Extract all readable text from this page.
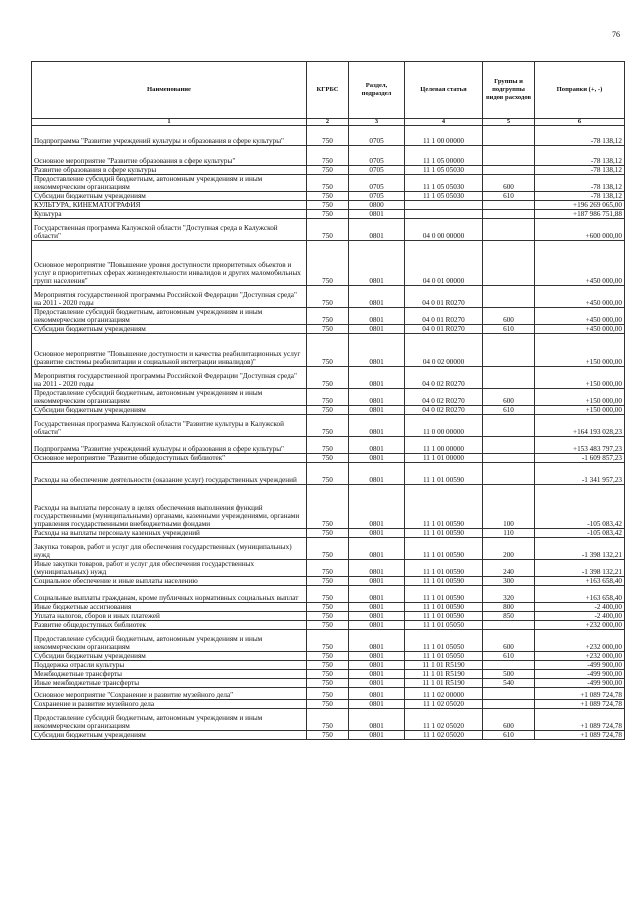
76
Наименование	КГРБС	Раздел, подраздел	Целевая статья	Группы и подгруппы видов расходов	Поправки (+, -)
1	2	3	4	5	6
Подпрограмма "Развитие учреждений культуры и образования в сфере культуры"	750	0705	11 1 00 00000		-78 138,12
Основное мероприятие "Развитие образования в сфере культуры"	750	0705	11 1 05 00000		-78 138,12
Развитие образования в сфере культуры	750	0705	11 1 05 05030		-78 138,12
Предоставление субсидий бюджетным, автономным учреждениям и иным некоммерческим организациям	750	0705	11 1 05 05030	600	-78 138,12
Субсидии бюджетным учреждениям	750	0705	11 1 05 05030	610	-78 138,12
КУЛЬТУРА, КИНЕМАТОГРАФИЯ	750	0800			+196 269 065,00
Культура	750	0801			+187 986 751,88
Государственная программа Калужской области "Доступная среда в Калужской области"	750	0801	04 0 00 00000		+600 000,00
Основное мероприятие "Повышение уровня доступности приоритетных объектов и услуг в приоритетных сферах жизнедеятельности инвалидов и других маломобильных групп населения"	750	0801	04 0 01 00000		+450 000,00
Мероприятия государственной программы Российской Федерации "Доступная среда" на 2011 - 2020 годы	750	0801	04 0 01 R0270		+450 000,00
Предоставление субсидий бюджетным, автономным учреждениям и иным некоммерческим организациям	750	0801	04 0 01 R0270	600	+450 000,00
Субсидии бюджетным учреждениям	750	0801	04 0 01 R0270	610	+450 000,00
Основное мероприятие "Повышение доступности и качества реабилитационных услуг (развитие системы реабилитации и социальной интеграции инвалидов)"	750	0801	04 0 02 00000		+150 000,00
Мероприятия государственной программы Российской Федерации "Доступная среда" на 2011 - 2020 годы	750	0801	04 0 02 R0270		+150 000,00
Предоставление субсидий бюджетным, автономным учреждениям и иным некоммерческим организациям	750	0801	04 0 02 R0270	600	+150 000,00
Субсидии бюджетным учреждениям	750	0801	04 0 02 R0270	610	+150 000,00
Государственная программа Калужской области "Развитие культуры в Калужской области"	750	0801	11 0 00 00000		+164 193 028,23
Подпрограмма "Развитие учреждений культуры и образования в сфере культуры"	750	0801	11 1 00 00000		+153 483 797,23
Основное мероприятие "Развитие общедоступных библиотек"	750	0801	11 1 01 00000		-1 609 857,23
Расходы на обеспечение деятельности (оказание услуг) государственных учреждений	750	0801	11 1 01 00590		-1 341 957,23
Расходы на выплаты персоналу в целях обеспечения выполнения функций государственными (муниципальными) органами, казенными учреждениями, органами управления государственными внебюджетными фондами	750	0801	11 1 01 00590	100	-105 083,42
Расходы на выплаты персоналу казенных учреждений	750	0801	11 1 01 00590	110	-105 083,42
Закупка товаров, работ и услуг для обеспечения государственных (муниципальных) нужд	750	0801	11 1 01 00590	200	-1 398 132,21
Иные закупки товаров, работ и услуг для обеспечения государственных (муниципальных) нужд	750	0801	11 1 01 00590	240	-1 398 132,21
Социальное обеспечение и иные выплаты населению	750	0801	11 1 01 00590	300	+163 658,40
Социальные выплаты гражданам, кроме публичных нормативных социальных выплат	750	0801	11 1 01 00590	320	+163 658,40
Иные бюджетные ассигнования	750	0801	11 1 01 00590	800	-2 400,00
Уплата налогов, сборов и иных платежей	750	0801	11 1 01 00590	850	-2 400,00
Развитие общедоступных библиотек	750	0801	11 1 01 05050		+232 000,00
Предоставление субсидий бюджетным, автономным учреждениям и иным некоммерческим организациям	750	0801	11 1 01 05050	600	+232 000,00
Субсидии бюджетным учреждениям	750	0801	11 1 01 05050	610	+232 000,00
Поддержка отрасли культуры	750	0801	11 1 01 R5190		-499 900,00
Межбюджетные трансферты	750	0801	11 1 01 R5190	500	-499 900,00
Иные межбюджетные трансферты	750	0801	11 1 01 R5190	540	-499 900,00
Основное мероприятие "Сохранение и развитие музейного дела"	750	0801	11 1 02 00000		+1 089 724,78
Сохранение и развитие музейного дела	750	0801	11 1 02 05020		+1 089 724,78
Предоставление субсидий бюджетным, автономным учреждениям и иным некоммерческим организациям	750	0801	11 1 02 05020	600	+1 089 724,78
Субсидии бюджетным учреждениям	750	0801	11 1 02 05020	610	+1 089 724,78
